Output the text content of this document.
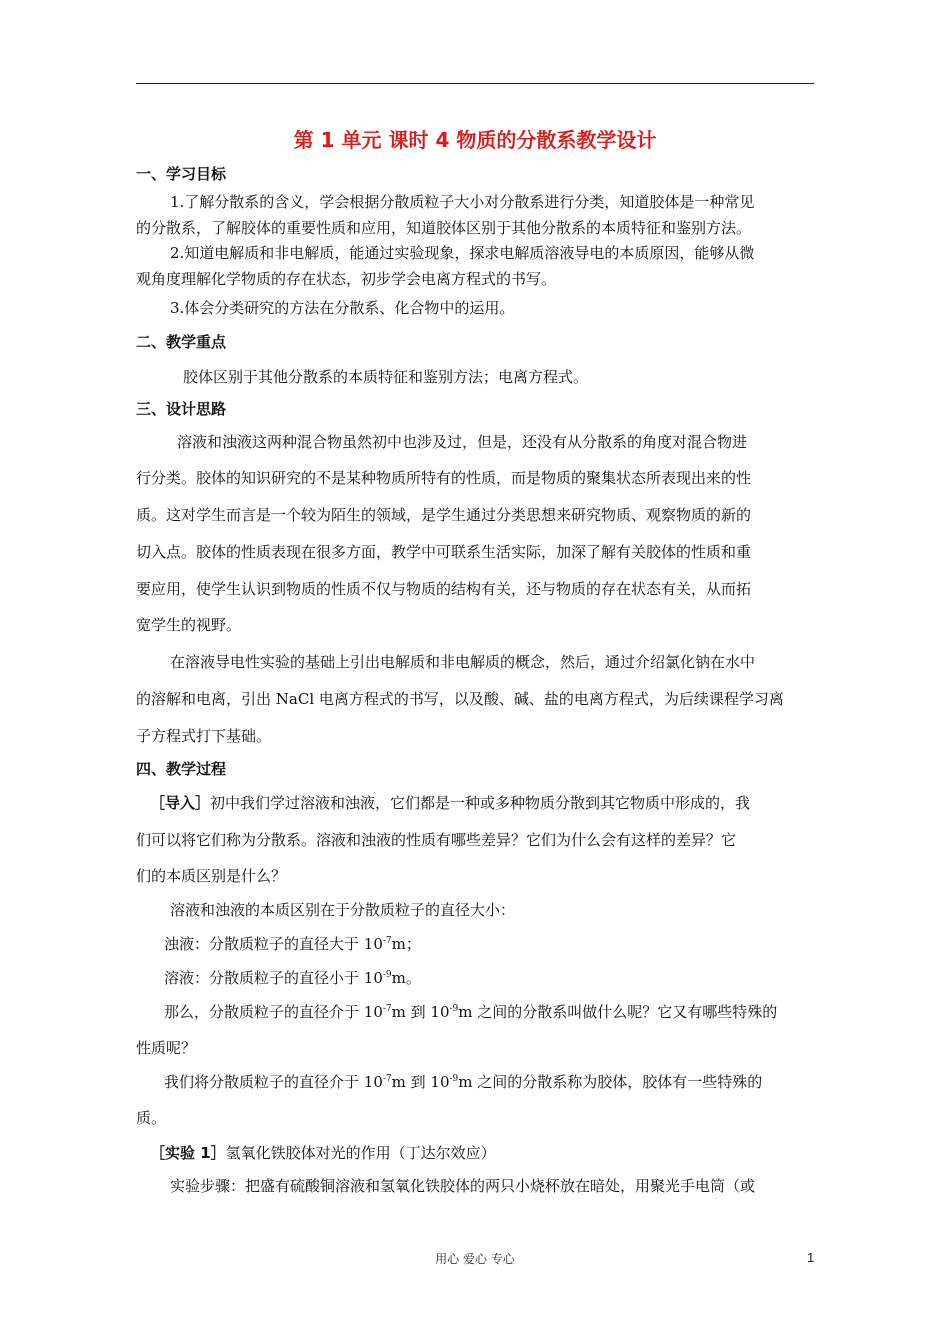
第 1 单元 课时 4 物质的分散系教学设计
一、学习目标
1.了解分散系的含义，学会根据分散质粒子大小对分散系进行分类，知道胶体是一种常见
的分散系，了解胶体的重要性质和应用，知道胶体区别于其他分散系的本质特征和鉴别方法。
2.知道电解质和非电解质，能通过实验现象，探求电解质溶液导电的本质原因，能够从微
观角度理解化学物质的存在状态，初步学会电离方程式的书写。
3.体会分类研究的方法在分散系、化合物中的运用。
二、教学重点
胶体区别于其他分散系的本质特征和鉴别方法；电离方程式。
三、设计思路
溶液和浊液这两种混合物虽然初中也涉及过，但是，还没有从分散系的角度对混合物进
行分类。胶体的知识研究的不是某种物质所特有的性质，而是物质的聚集状态所表现出来的性
质。这对学生而言是一个较为陌生的领域，是学生通过分类思想来研究物质、观察物质的新的
切入点。胶体的性质表现在很多方面，教学中可联系生活实际，加深了解有关胶体的性质和重
要应用，使学生认识到物质的性质不仅与物质的结构有关，还与物质的存在状态有关，从而拓
宽学生的视野。
在溶液导电性实验的基础上引出电解质和非电解质的概念，然后，通过介绍氯化钠在水中
的溶解和电离，引出 NaCl 电离方程式的书写，以及酸、碱、盐的电离方程式，为后续课程学习离
子方程式打下基础。
四、教学过程
［导入］初中我们学过溶液和浊液，它们都是一种或多种物质分散到其它物质中形成的，我
们可以将它们称为分散系。溶液和浊液的性质有哪些差异？它们为什么会有这样的差异？它
们的本质区别是什么？
溶液和浊液的本质区别在于分散质粒子的直径大小：
浊液：分散质粒子的直径大于 $10^{-7}m$；
溶液：分散质粒子的直径小于 $10^{-9}m$。
那么，分散质粒子的直径介于 $10^{-7}m$ 到 $10^{-9}m$ 之间的分散系叫做什么呢？它又有哪些特殊的
性质呢？
我们将分散质粒子的直径介于 $10^{-7}m$ 到 $10^{-9}m$ 之间的分散系称为胶体，胶体有一些特殊的
质。
［实验 1］氢氧化铁胶体对光的作用（丁达尔效应）
实验步骤：把盛有硫酸铜溶液和氢氧化铁胶体的两只小烧杯放在暗处，用聚光手电筒（或
用心 爱心 专心	1
